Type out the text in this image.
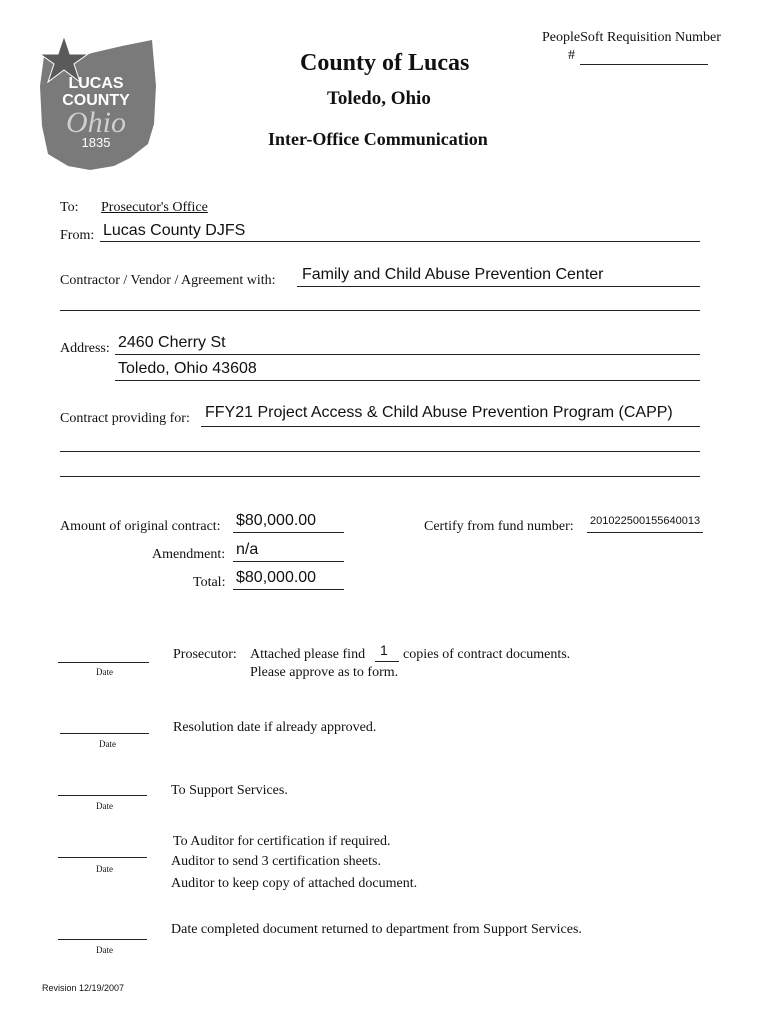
LUCAS
COUNTY
Ohio
1835
County of Lucas
Toledo, Ohio
Inter-Office Communication
PeopleSoft Requisition Number
#
To: Prosecutor's Office
From: Lucas County DJFS
Contractor / Vendor / Agreement with: Family and Child Abuse Prevention Center
Address: 2460 Cherry St
Toledo, Ohio 43608
Contract providing for: FFY21 Project Access & Child Abuse Prevention Program (CAPP)
Amount of original contract: $80,000.00	Certify from fund number: 201022500155640013
Amendment: n/a
Total: $80,000.00
Date
Prosecutor: Attached please find 1 copies of contract documents.
Please approve as to form.
Date
Resolution date if already approved.
Date
To Support Services.
Date
To Auditor for certification if required.
Auditor to send 3 certification sheets.
Auditor to keep copy of attached document.
Date
Date completed document returned to department from Support Services.
Revision 12/19/2007
